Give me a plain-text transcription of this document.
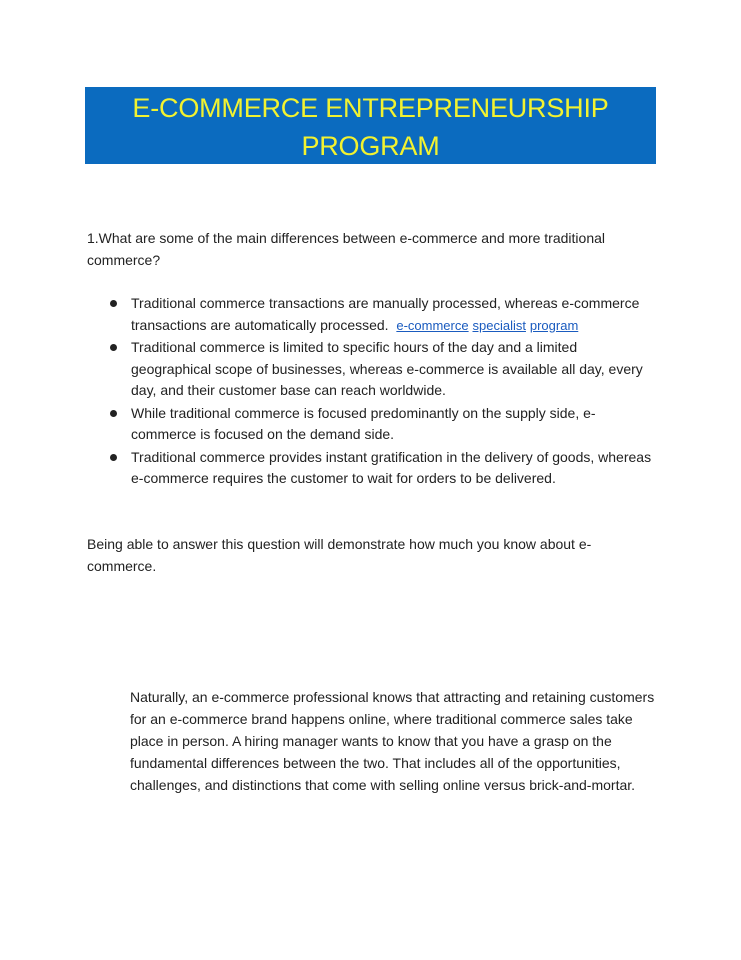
E-COMMERCE ENTREPRENEURSHIP
PROGRAM
1.What are some of the main differences between e-commerce and more traditional commerce?
Traditional commerce transactions are manually processed, whereas e-commerce transactions are automatically processed. e-commerce specialist program
Traditional commerce is limited to specific hours of the day and a limited geographical scope of businesses, whereas e-commerce is available all day, every day, and their customer base can reach worldwide.
While traditional commerce is focused predominantly on the supply side, e-commerce is focused on the demand side.
Traditional commerce provides instant gratification in the delivery of goods, whereas e-commerce requires the customer to wait for orders to be delivered.
Being able to answer this question will demonstrate how much you know about e-commerce.
Naturally, an e-commerce professional knows that attracting and retaining customers for an e-commerce brand happens online, where traditional commerce sales take place in person. A hiring manager wants to know that you have a grasp on the fundamental differences between the two. That includes all of the opportunities, challenges, and distinctions that come with selling online versus brick-and-mortar.
